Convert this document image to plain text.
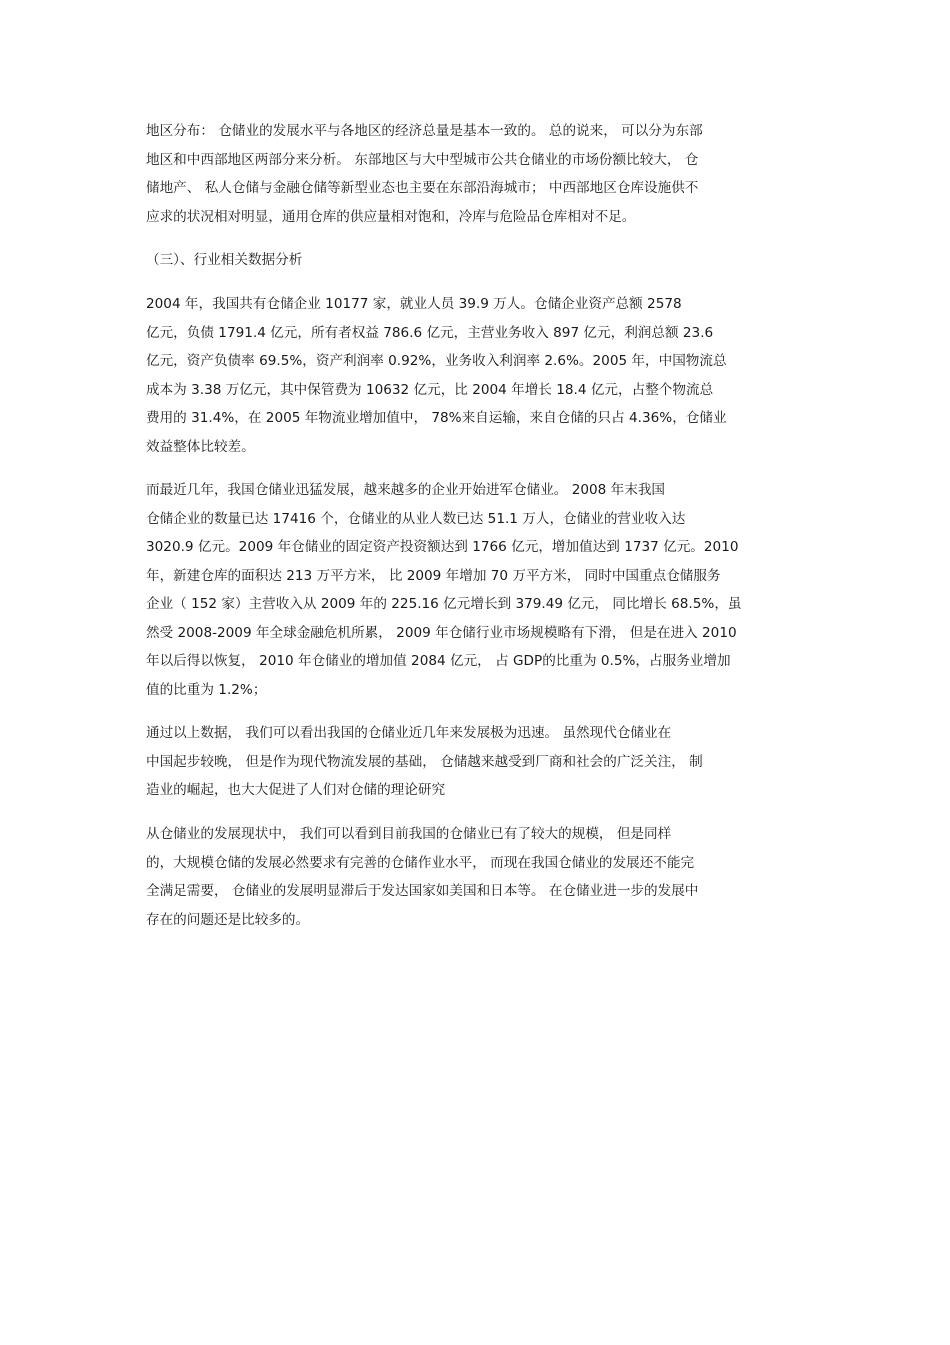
地区分布： 仓储业的发展水平与各地区的经济总量是基本一致的。 总的说来， 可以分为东部
地区和中西部地区两部分来分析。 东部地区与大中型城市公共仓储业的市场份额比较大， 仓
储地产、 私人仓储与金融仓储等新型业态也主要在东部沿海城市； 中西部地区仓库设施供不
应求的状况相对明显，通用仓库的供应量相对饱和，冷库与危险品仓库相对不足。
（三）、行业相关数据分析
2004 年，我国共有仓储企业 10177 家，就业人员 39.9 万人。仓储企业资产总额 2578
亿元，负债 1791.4 亿元，所有者权益 786.6 亿元，主营业务收入 897 亿元，利润总额 23.6
亿元，资产负债率 69.5%，资产利润率 0.92%，业务收入利润率 2.6%。2005 年，中国物流总
成本为 3.38 万亿元，其中保管费为 10632 亿元，比 2004 年增长 18.4 亿元，占整个物流总
费用的 31.4%，在 2005 年物流业增加值中， 78%来自运输，来自仓储的只占 4.36%，仓储业
效益整体比较差。
而最近几年，我国仓储业迅猛发展，越来越多的企业开始进军仓储业。 2008 年末我国
仓储企业的数量已达 17416 个，仓储业的从业人数已达 51.1 万人，仓储业的营业收入达
3020.9 亿元。2009 年仓储业的固定资产投资额达到 1766 亿元，增加值达到 1737 亿元。2010
年，新建仓库的面积达 213 万平方米， 比 2009 年增加 70 万平方米， 同时中国重点仓储服务
企业（ 152 家）主营收入从 2009 年的 225.16 亿元增长到 379.49 亿元， 同比增长 68.5%，虽
然受 2008-2009 年全球金融危机所累， 2009 年仓储行业市场规模略有下滑， 但是在进入 2010
年以后得以恢复， 2010 年仓储业的增加值 2084 亿元， 占 GDP的比重为 0.5%，占服务业增加
值的比重为 1.2%；
通过以上数据， 我们可以看出我国的仓储业近几年来发展极为迅速。 虽然现代仓储业在
中国起步较晚， 但是作为现代物流发展的基础， 仓储越来越受到厂商和社会的广泛关注， 制
造业的崛起，也大大促进了人们对仓储的理论研究
从仓储业的发展现状中， 我们可以看到目前我国的仓储业已有了较大的规模， 但是同样
的，大规模仓储的发展必然要求有完善的仓储作业水平， 而现在我国仓储业的发展还不能完
全满足需要， 仓储业的发展明显滞后于发达国家如美国和日本等。 在仓储业进一步的发展中
存在的问题还是比较多的。
